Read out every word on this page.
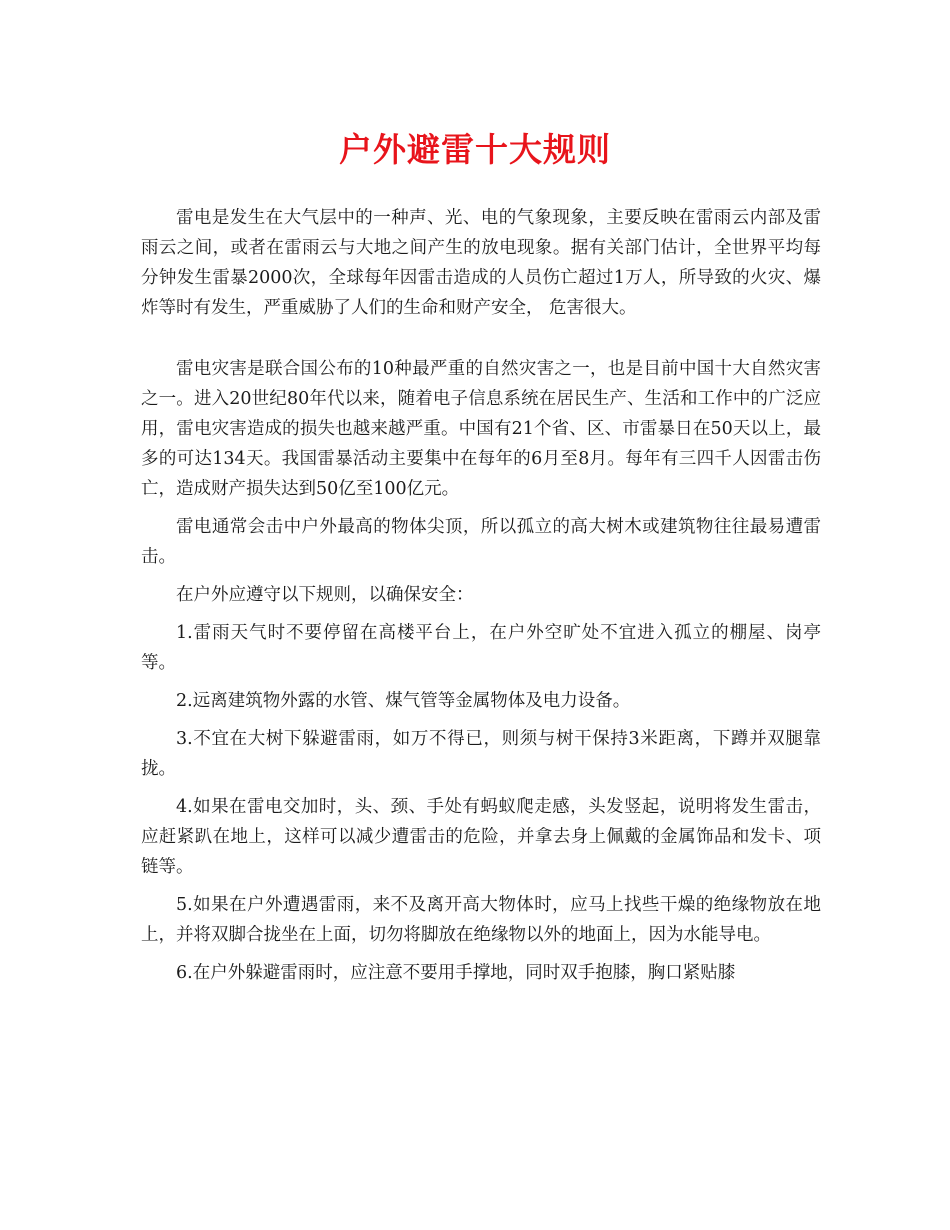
户外避雷十大规则

雷电是发生在大气层中的一种声、光、电的气象现象，主要反映在雷雨云内部及雷雨云之间，或者在雷雨云与大地之间产生的放电现象。据有关部门估计，全世界平均每分钟发生雷暴2000次，全球每年因雷击造成的人员伤亡超过1万人，所导致的火灾、爆炸等时有发生，严重威胁了人们的生命和财产安全， 危害很大。

雷电灾害是联合国公布的10种最严重的自然灾害之一，也是目前中国十大自然灾害之一。进入20世纪80年代以来，随着电子信息系统在居民生产、生活和工作中的广泛应用，雷电灾害造成的损失也越来越严重。中国有21个省、区、市雷暴日在50天以上，最多的可达134天。我国雷暴活动主要集中在每年的6月至8月。每年有三四千人因雷击伤亡，造成财产损失达到50亿至100亿元。

雷电通常会击中户外最高的物体尖顶，所以孤立的高大树木或建筑物往往最易遭雷击。

在户外应遵守以下规则，以确保安全：

1.雷雨天气时不要停留在高楼平台上，在户外空旷处不宜进入孤立的棚屋、岗亭等。

2.远离建筑物外露的水管、煤气管等金属物体及电力设备。

3.不宜在大树下躲避雷雨，如万不得已，则须与树干保持3米距离，下蹲并双腿靠拢。

4.如果在雷电交加时，头、颈、手处有蚂蚁爬走感，头发竖起，说明将发生雷击，应赶紧趴在地上，这样可以减少遭雷击的危险，并拿去身上佩戴的金属饰品和发卡、项链等。

5.如果在户外遭遇雷雨，来不及离开高大物体时，应马上找些干燥的绝缘物放在地上，并将双脚合拢坐在上面，切勿将脚放在绝缘物以外的地面上，因为水能导电。

6.在户外躲避雷雨时，应注意不要用手撑地，同时双手抱膝，胸口紧贴膝
